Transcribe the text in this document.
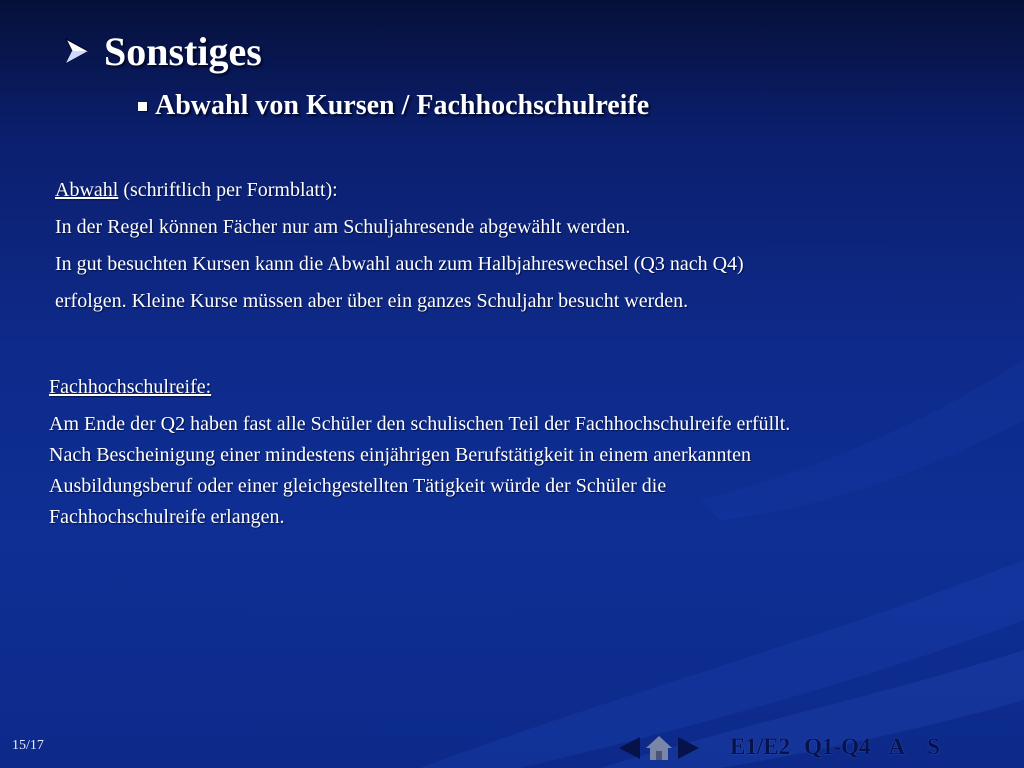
Sonstiges
Abwahl von Kursen / Fachhochschulreife
Abwahl (schriftlich per Formblatt):
In der Regel können Fächer nur am Schuljahresende abgewählt werden.
In gut besuchten Kursen kann die Abwahl auch zum Halbjahreswechsel (Q3 nach Q4)
erfolgen. Kleine Kurse müssen aber über ein ganzes Schuljahr besucht werden.
Fachhochschulreife:
Am Ende der Q2 haben fast alle Schüler den schulischen Teil der Fachhochschulreife erfüllt.
Nach Bescheinigung einer mindestens einjährigen Berufstätigkeit in einem anerkannten
Ausbildungsberuf oder einer gleichgestellten Tätigkeit würde der Schüler die
Fachhochschulreife erlangen.
15/17	E1/E2 Q1-Q4 A S
